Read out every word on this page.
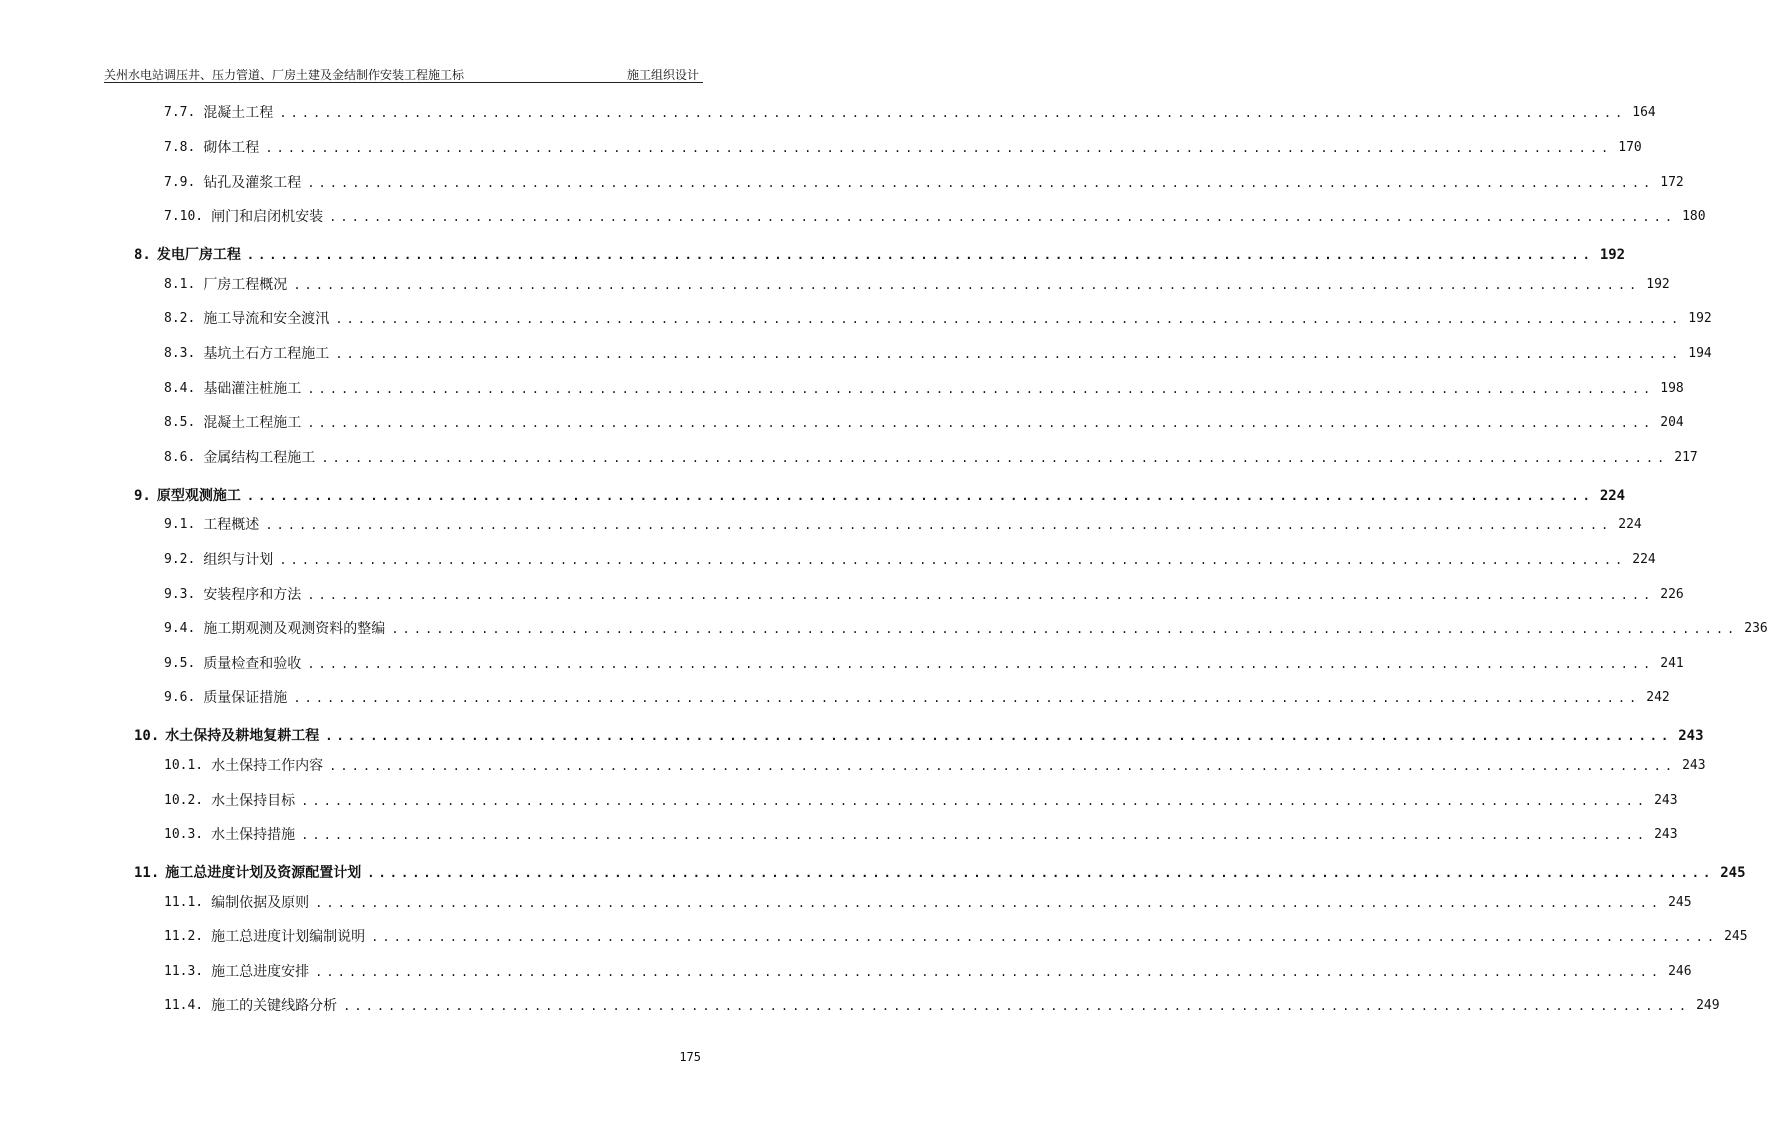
关州水电站调压井、压力管道、厂房土建及金结制作安装工程施工标	施工组织设计
7.7. 混凝土工程 ........................................................................................................................ 164
7.8. 砌体工程 ........................................................................................................................ 170
7.9. 钻孔及灌浆工程 ........................................................................................................................ 172
7.10. 闸门和启闭机安装 ........................................................................................................................ 180
8. 发电厂房工程 ........................................................................................................................ 192
8.1. 厂房工程概况 ........................................................................................................................ 192
8.2. 施工导流和安全渡汛 ........................................................................................................................ 192
8.3. 基坑土石方工程施工 ........................................................................................................................ 194
8.4. 基础灌注桩施工 ........................................................................................................................ 198
8.5. 混凝土工程施工 ........................................................................................................................ 204
8.6. 金属结构工程施工 ........................................................................................................................ 217
9. 原型观测施工 ........................................................................................................................ 224
9.1. 工程概述 ........................................................................................................................ 224
9.2. 组织与计划 ........................................................................................................................ 224
9.3. 安装程序和方法 ........................................................................................................................ 226
9.4. 施工期观测及观测资料的整编 ........................................................................................................................ 236
9.5. 质量检查和验收 ........................................................................................................................ 241
9.6. 质量保证措施 ........................................................................................................................ 242
10. 水土保持及耕地复耕工程 ........................................................................................................................ 243
10.1. 水土保持工作内容 ........................................................................................................................ 243
10.2. 水土保持目标 ........................................................................................................................ 243
10.3. 水土保持措施 ........................................................................................................................ 243
11. 施工总进度计划及资源配置计划 ........................................................................................................................ 245
11.1. 编制依据及原则 ........................................................................................................................ 245
11.2. 施工总进度计划编制说明 ........................................................................................................................ 245
11.3. 施工总进度安排 ........................................................................................................................ 246
11.4. 施工的关键线路分析 ........................................................................................................................ 249
175
